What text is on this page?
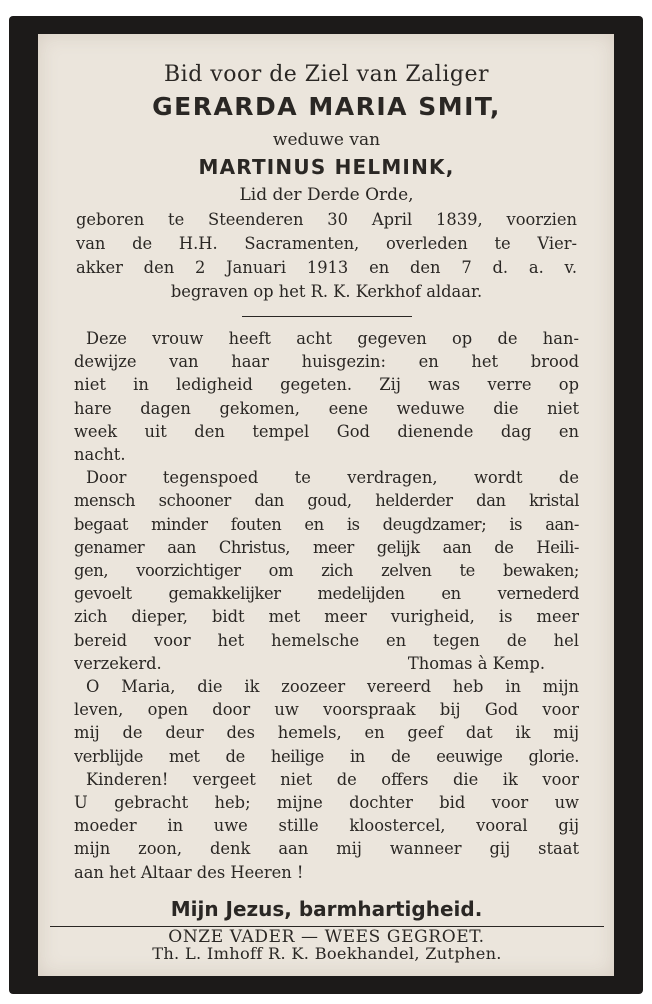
Bid voor de Ziel van Zaliger
GERARDA MARIA SMIT,
weduwe van
MARTINUS HELMINK,
Lid der Derde Orde,
geboren te Steenderen 30 April 1839, voorzien
van de H.H. Sacramenten, overleden te Vier-
akker den 2 Januari 1913 en den 7 d. a. v.
begraven op het R. K. Kerkhof aldaar.
Deze vrouw heeft acht gegeven op de han-
dewijze van haar huisgezin: en het brood
niet in ledigheid gegeten. Zij was verre op
hare dagen gekomen, eene weduwe die niet
week uit den tempel God dienende dag en
nacht.
Door tegenspoed te verdragen, wordt de
mensch schooner dan goud, helderder dan kristal
begaat minder fouten en is deugdzamer; is aan-
genamer aan Christus, meer gelijk aan de Heili-
gen, voorzichtiger om zich zelven te bewaken;
gevoelt gemakkelijker medelijden en vernederd
zich dieper, bidt met meer vurigheid, is meer
bereid voor het hemelsche en tegen de hel
verzekerd.	Thomas à Kemp.
O Maria, die ik zoozeer vereerd heb in mijn
leven, open door uw voorspraak bij God voor
mij de deur des hemels, en geef dat ik mij
verblijde met de heilige in de eeuwige glorie.
Kinderen! vergeet niet de offers die ik voor
U gebracht heb; mijne dochter bid voor uw
moeder in uwe stille kloostercel, vooral gij
mijn zoon, denk aan mij wanneer gij staat
aan het Altaar des Heeren !
Mijn Jezus, barmhartigheid.
ONZE VADER — WEES GEGROET.
Th. L. Imhoff R. K. Boekhandel, Zutphen.
